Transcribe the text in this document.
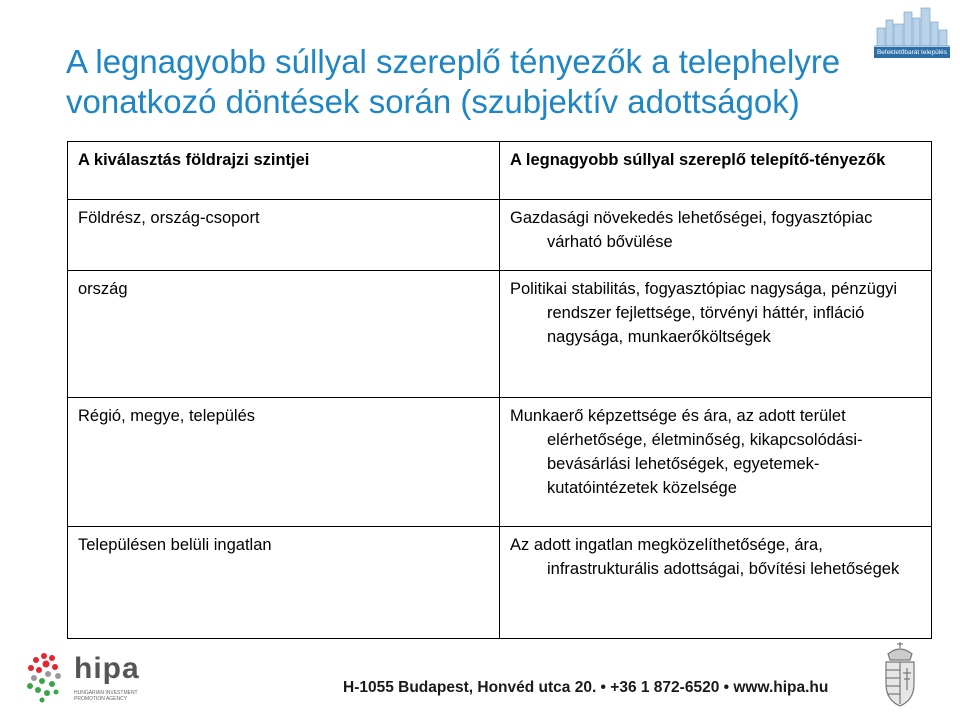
A legnagyobb súllyal szereplő tényezők a telephelyre
vonatkozó döntések során (szubjektív adottságok)
Befektetőbarát település
A kiválasztás földrajzi szintjei	A legnagyobb súllyal szereplő telepítő-tényezők

Földrész, ország-csoport	Gazdasági növekedés lehetőségei, fogyasztópiac várható bővülése

ország	Politikai stabilitás, fogyasztópiac nagysága, pénzügyi rendszer fejlettsége, törvényi háttér, infláció nagysága, munkaerőköltségek

Régió, megye, település	Munkaerő képzettsége és ára, az adott terület elérhetősége, életminőség, kikapcsolódási-bevásárlási lehetőségek, egyetemek-kutatóintézetek közelsége

Településen belüli ingatlan	Az adott ingatlan megközelíthetősége, ára, infrastrukturális adottságai, bővítési lehetőségek
hipa
HUNGARIAN INVESTMENT PROMOTION AGENCY
H-1055 Budapest, Honvéd utca 20. • +36 1 872-6520 • www.hipa.hu
